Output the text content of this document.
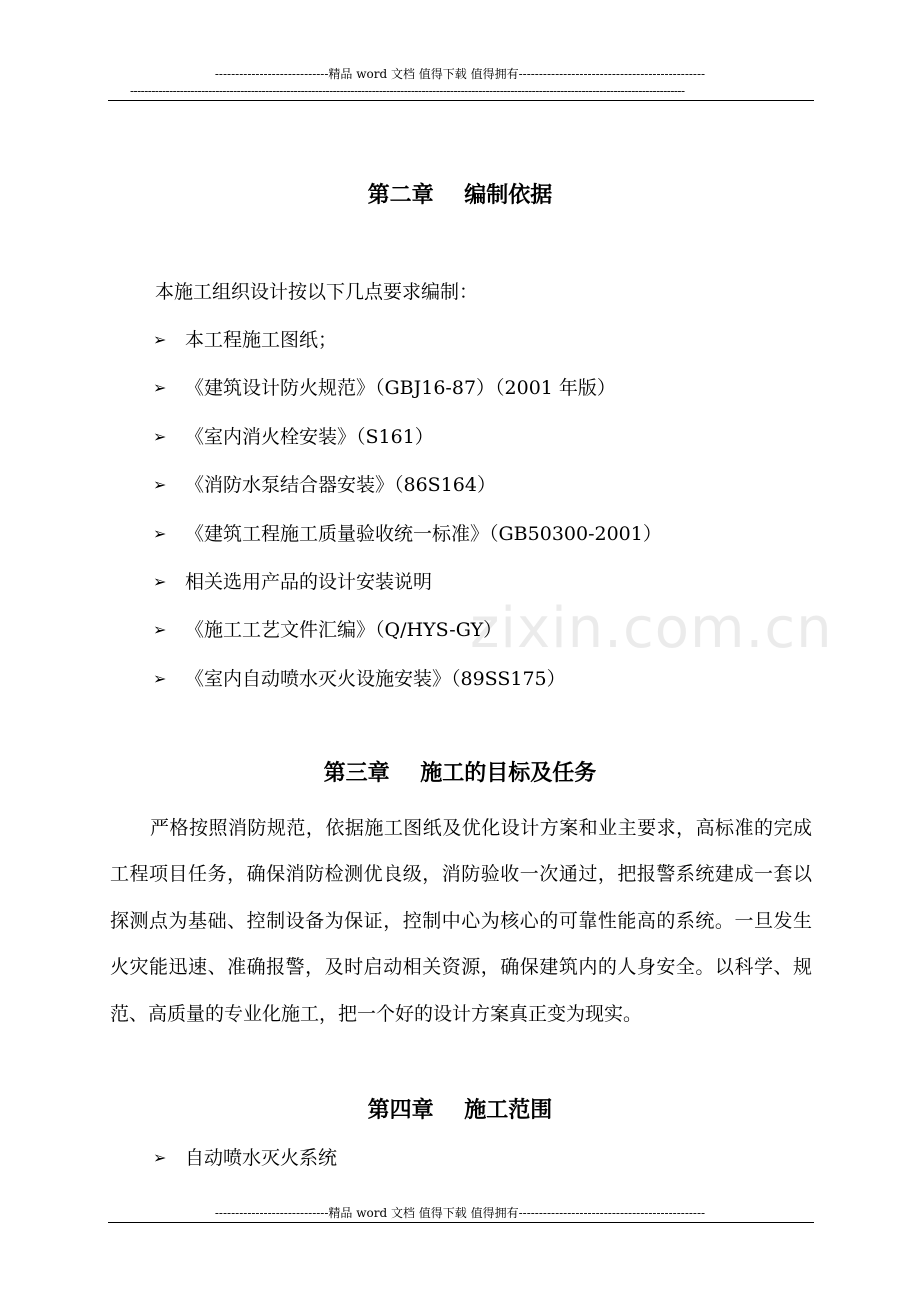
----------------------------精品 word 文档 值得下载 值得拥有----------------------------------------------
------------------------------------------------------------------------------------------------------------------------------------------------------------
zixin.com.cn
第二章    编制依据
本施工组织设计按以下几点要求编制：
➢ 本工程施工图纸；
➢ 《建筑设计防火规范》（GBJ16-87）（2001 年版）
➢ 《室内消火栓安装》（S161）
➢ 《消防水泵结合器安装》（86S164）
➢ 《建筑工程施工质量验收统一标准》（GB50300-2001）
➢ 相关选用产品的设计安装说明
➢ 《施工工艺文件汇编》（Q/HYS-GY）
➢ 《室内自动喷水灭火设施安装》（89SS175）
第三章    施工的目标及任务

严格按照消防规范，依据施工图纸及优化设计方案和业主要求，高标准的完成工程项目任务，确保消防检测优良级，消防验收一次通过，把报警系统建成一套以探测点为基础、控制设备为保证，控制中心为核心的可靠性能高的系统。一旦发生火灾能迅速、准确报警，及时启动相关资源，确保建筑内的人身安全。以科学、规范、高质量的专业化施工，把一个好的设计方案真正变为现实。

第四章    施工范围
➢ 自动喷水灭火系统
----------------------------精品 word 文档 值得下载 值得拥有----------------------------------------------
